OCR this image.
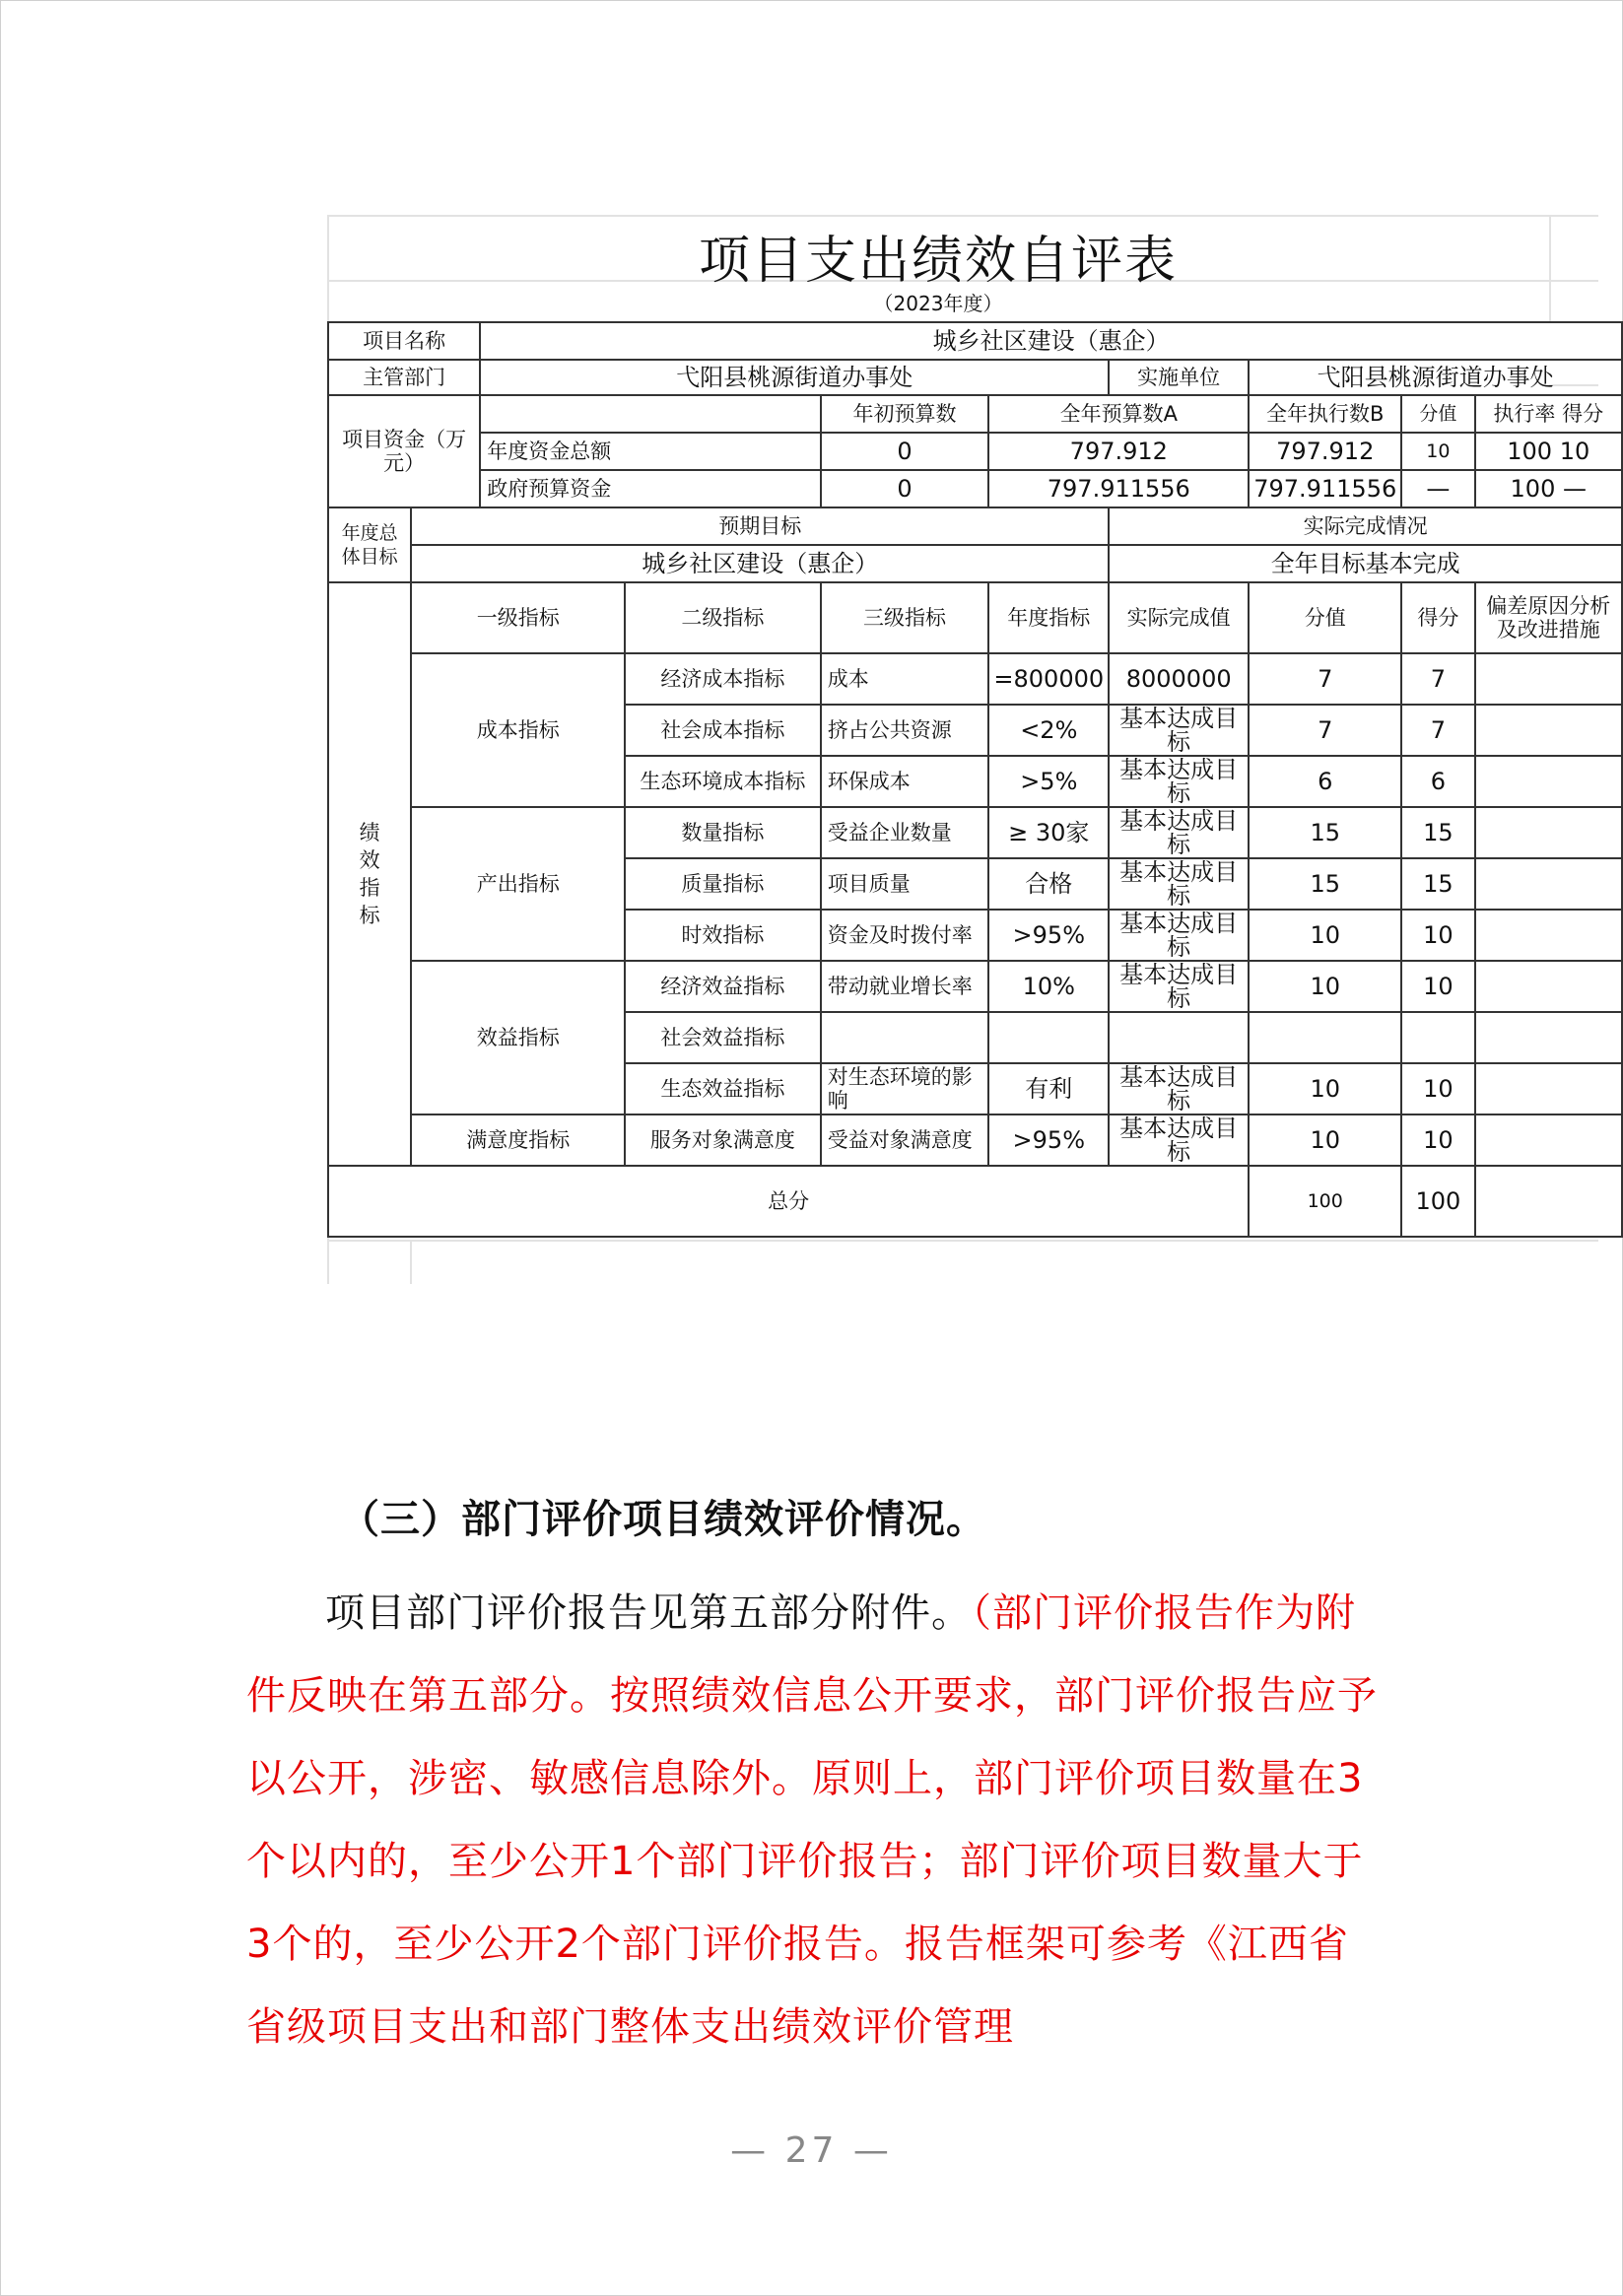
项目支出绩效自评表
（2023年度）
项目名称		城乡社区建设（惠企）							
主管部门		弋阳县桃源街道办事处				实施单位	弋阳县桃源街道办事处		
项目资金（万元）				年初预算数	全年预算数A		全年执行数B	分值	执行率 得分
		年度资金总额		0	797.912		797.912	10	100 10
		政府预算资金		0	797.911556		797.911556	—	100 —
年度总体目标	预期目标					实际完成情况			
	城乡社区建设（惠企）					全年目标基本完成			

绩效指标	一级指标		二级指标	三级指标	年度指标	实际完成值	分值	得分	偏差原因分析及改进措施
	成本指标		经济成本指标	成本	=800000	8000000	7	7	
			社会成本指标	挤占公共资源	<2%	基本达成目标	7	7	
			生态环境成本指标	环保成本	>5%	基本达成目标	6	6	
	产出指标		数量指标	受益企业数量	≥ 30家	基本达成目标	15	15	
			质量指标	项目质量	合格	基本达成目标	15	15	
			时效指标	资金及时拨付率	>95%	基本达成目标	10	10	
	效益指标		经济效益指标	带动就业增长率	10%	基本达成目标	10	10	
			社会效益指标						
			生态效益指标	对生态环境的影响	有利	基本达成目标	10	10	
	满意度指标		服务对象满意度	受益对象满意度	>95%	基本达成目标	10	10	
总分							100	100	
（三）部门评价项目绩效评价情况。
项目部门评价报告见第五部分附件。（部门评价报告作为附件反映在第五部分。按照绩效信息公开要求，部门评价报告应予以公开，涉密、敏感信息除外。原则上，部门评价项目数量在3个以内的，至少公开1个部门评价报告；部门评价项目数量大于3个的，至少公开2个部门评价报告。报告框架可参考《江西省省级项目支出和部门整体支出绩效评价管理
— 27 —
